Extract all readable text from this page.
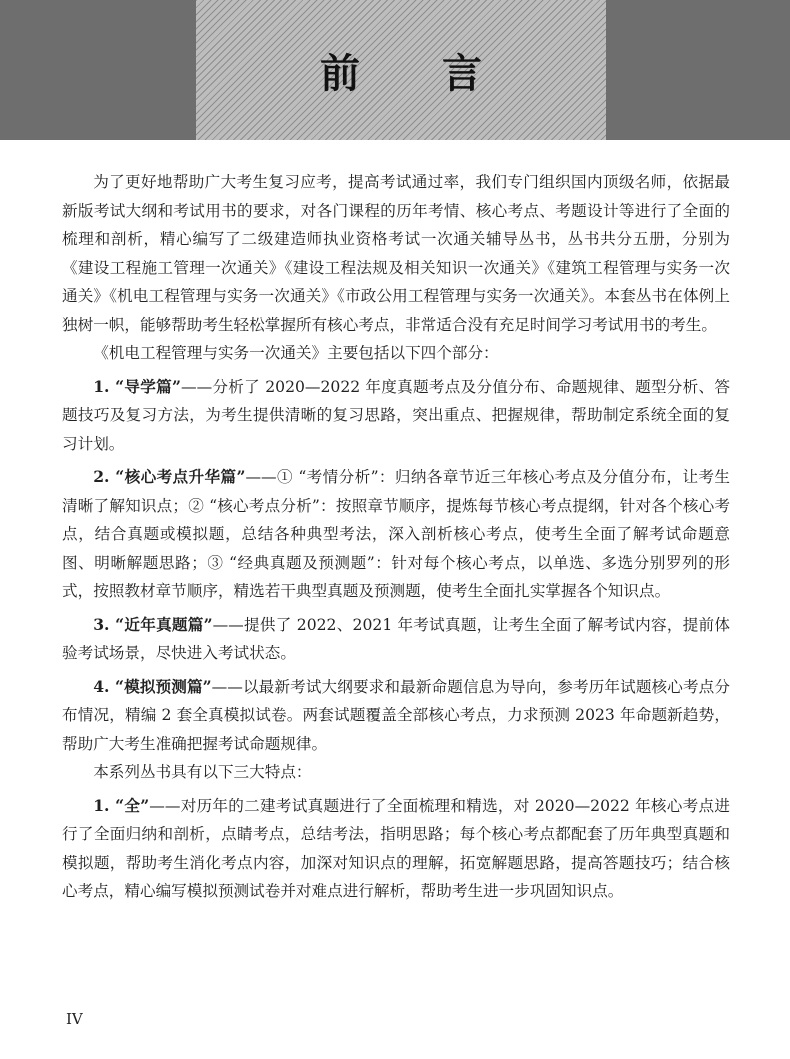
前 言

为了更好地帮助广大考生复习应考，提高考试通过率，我们专门组织国内顶级名师，依据最新版考试大纲和考试用书的要求，对各门课程的历年考情、核心考点、考题设计等进行了全面的梳理和剖析，精心编写了二级建造师执业资格考试一次通关辅导丛书，丛书共分五册，分别为《建设工程施工管理一次通关》《建设工程法规及相关知识一次通关》《建筑工程管理与实务一次通关》《机电工程管理与实务一次通关》《市政公用工程管理与实务一次通关》。本套丛书在体例上独树一帜，能够帮助考生轻松掌握所有核心考点，非常适合没有充足时间学习考试用书的考生。

《机电工程管理与实务一次通关》主要包括以下四个部分：

1. “导学篇”——分析了 2020—2022 年度真题考点及分值分布、命题规律、题型分析、答题技巧及复习方法，为考生提供清晰的复习思路，突出重点、把握规律，帮助制定系统全面的复习计划。

2. “核心考点升华篇”——① “考情分析”：归纳各章节近三年核心考点及分值分布，让考生清晰了解知识点；② “核心考点分析”：按照章节顺序，提炼每节核心考点提纲，针对各个核心考点，结合真题或模拟题，总结各种典型考法，深入剖析核心考点，使考生全面了解考试命题意图、明晰解题思路；③ “经典真题及预测题”：针对每个核心考点，以单选、多选分别罗列的形式，按照教材章节顺序，精选若干典型真题及预测题，使考生全面扎实掌握各个知识点。

3. “近年真题篇”——提供了 2022、2021 年考试真题，让考生全面了解考试内容，提前体验考试场景，尽快进入考试状态。

4. “模拟预测篇”——以最新考试大纲要求和最新命题信息为导向，参考历年试题核心考点分布情况，精编 2 套全真模拟试卷。两套试题覆盖全部核心考点，力求预测 2023 年命题新趋势，帮助广大考生准确把握考试命题规律。

本系列丛书具有以下三大特点：

1. “全”——对历年的二建考试真题进行了全面梳理和精选，对 2020—2022 年核心考点进行了全面归纳和剖析，点睛考点，总结考法，指明思路；每个核心考点都配套了历年典型真题和模拟题，帮助考生消化考点内容，加深对知识点的理解，拓宽解题思路，提高答题技巧；结合核心考点，精心编写模拟预测试卷并对难点进行解析，帮助考生进一步巩固知识点。

IV
